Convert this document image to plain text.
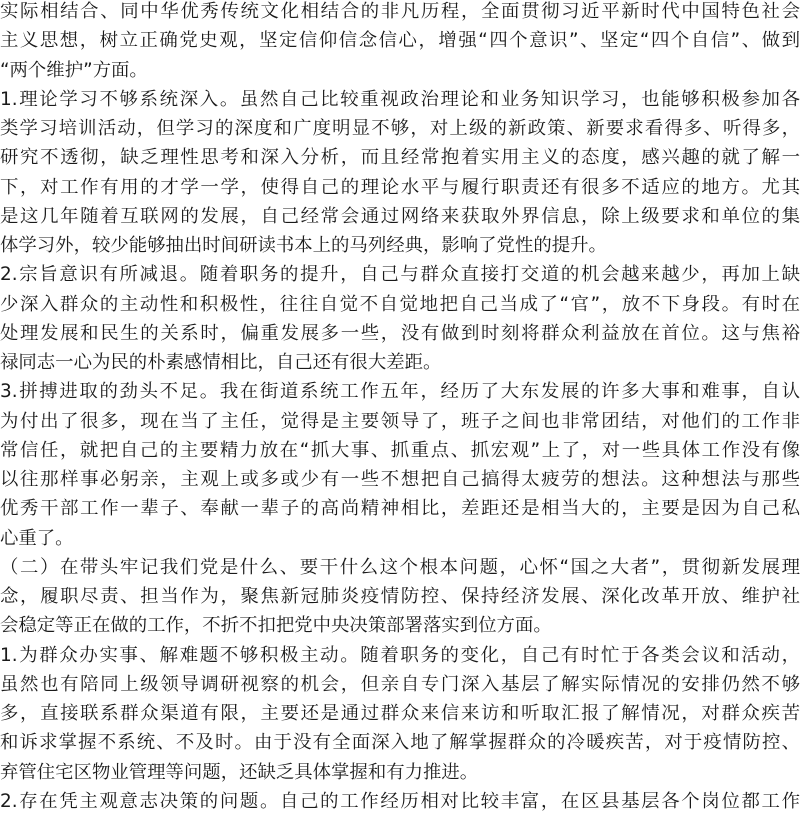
实际相结合、同中华优秀传统文化相结合的非凡历程，全面贯彻习近平新时代中国特色社会
主义思想，树立正确党史观，坚定信仰信念信心，增强“四个意识”、坚定“四个自信”、做到
“两个维护”方面。
1.理论学习不够系统深入。虽然自己比较重视政治理论和业务知识学习，也能够积极参加各
类学习培训活动，但学习的深度和广度明显不够，对上级的新政策、新要求看得多、听得多，
研究不透彻，缺乏理性思考和深入分析，而且经常抱着实用主义的态度，感兴趣的就了解一
下，对工作有用的才学一学，使得自己的理论水平与履行职责还有很多不适应的地方。尤其
是这几年随着互联网的发展，自己经常会通过网络来获取外界信息，除上级要求和单位的集
体学习外，较少能够抽出时间研读书本上的马列经典，影响了党性的提升。
2.宗旨意识有所减退。随着职务的提升，自己与群众直接打交道的机会越来越少，再加上缺
少深入群众的主动性和积极性，往往自觉不自觉地把自己当成了“官”，放不下身段。有时在
处理发展和民生的关系时，偏重发展多一些，没有做到时刻将群众利益放在首位。这与焦裕
禄同志一心为民的朴素感情相比，自己还有很大差距。
3.拼搏进取的劲头不足。我在街道系统工作五年，经历了大东发展的许多大事和难事，自认
为付出了很多，现在当了主任，觉得是主要领导了，班子之间也非常团结，对他们的工作非
常信任，就把自己的主要精力放在“抓大事、抓重点、抓宏观”上了，对一些具体工作没有像
以往那样事必躬亲，主观上或多或少有一些不想把自己搞得太疲劳的想法。这种想法与那些
优秀干部工作一辈子、奉献一辈子的高尚精神相比，差距还是相当大的，主要是因为自己私
心重了。
（二）在带头牢记我们党是什么、要干什么这个根本问题，心怀“国之大者”，贯彻新发展理
念，履职尽责、担当作为，聚焦新冠肺炎疫情防控、保持经济发展、深化改革开放、维护社
会稳定等正在做的工作，不折不扣把党中央决策部署落实到位方面。
1.为群众办实事、解难题不够积极主动。随着职务的变化，自己有时忙于各类会议和活动，
虽然也有陪同上级领导调研视察的机会，但亲自专门深入基层了解实际情况的安排仍然不够
多，直接联系群众渠道有限，主要还是通过群众来信来访和听取汇报了解情况，对群众疾苦
和诉求掌握不系统、不及时。由于没有全面深入地了解掌握群众的冷暖疾苦，对于疫情防控、
弃管住宅区物业管理等问题，还缺乏具体掌握和有力推进。
2.存在凭主观意志决策的问题。自己的工作经历相对比较丰富，在区县基层各个岗位都工作
